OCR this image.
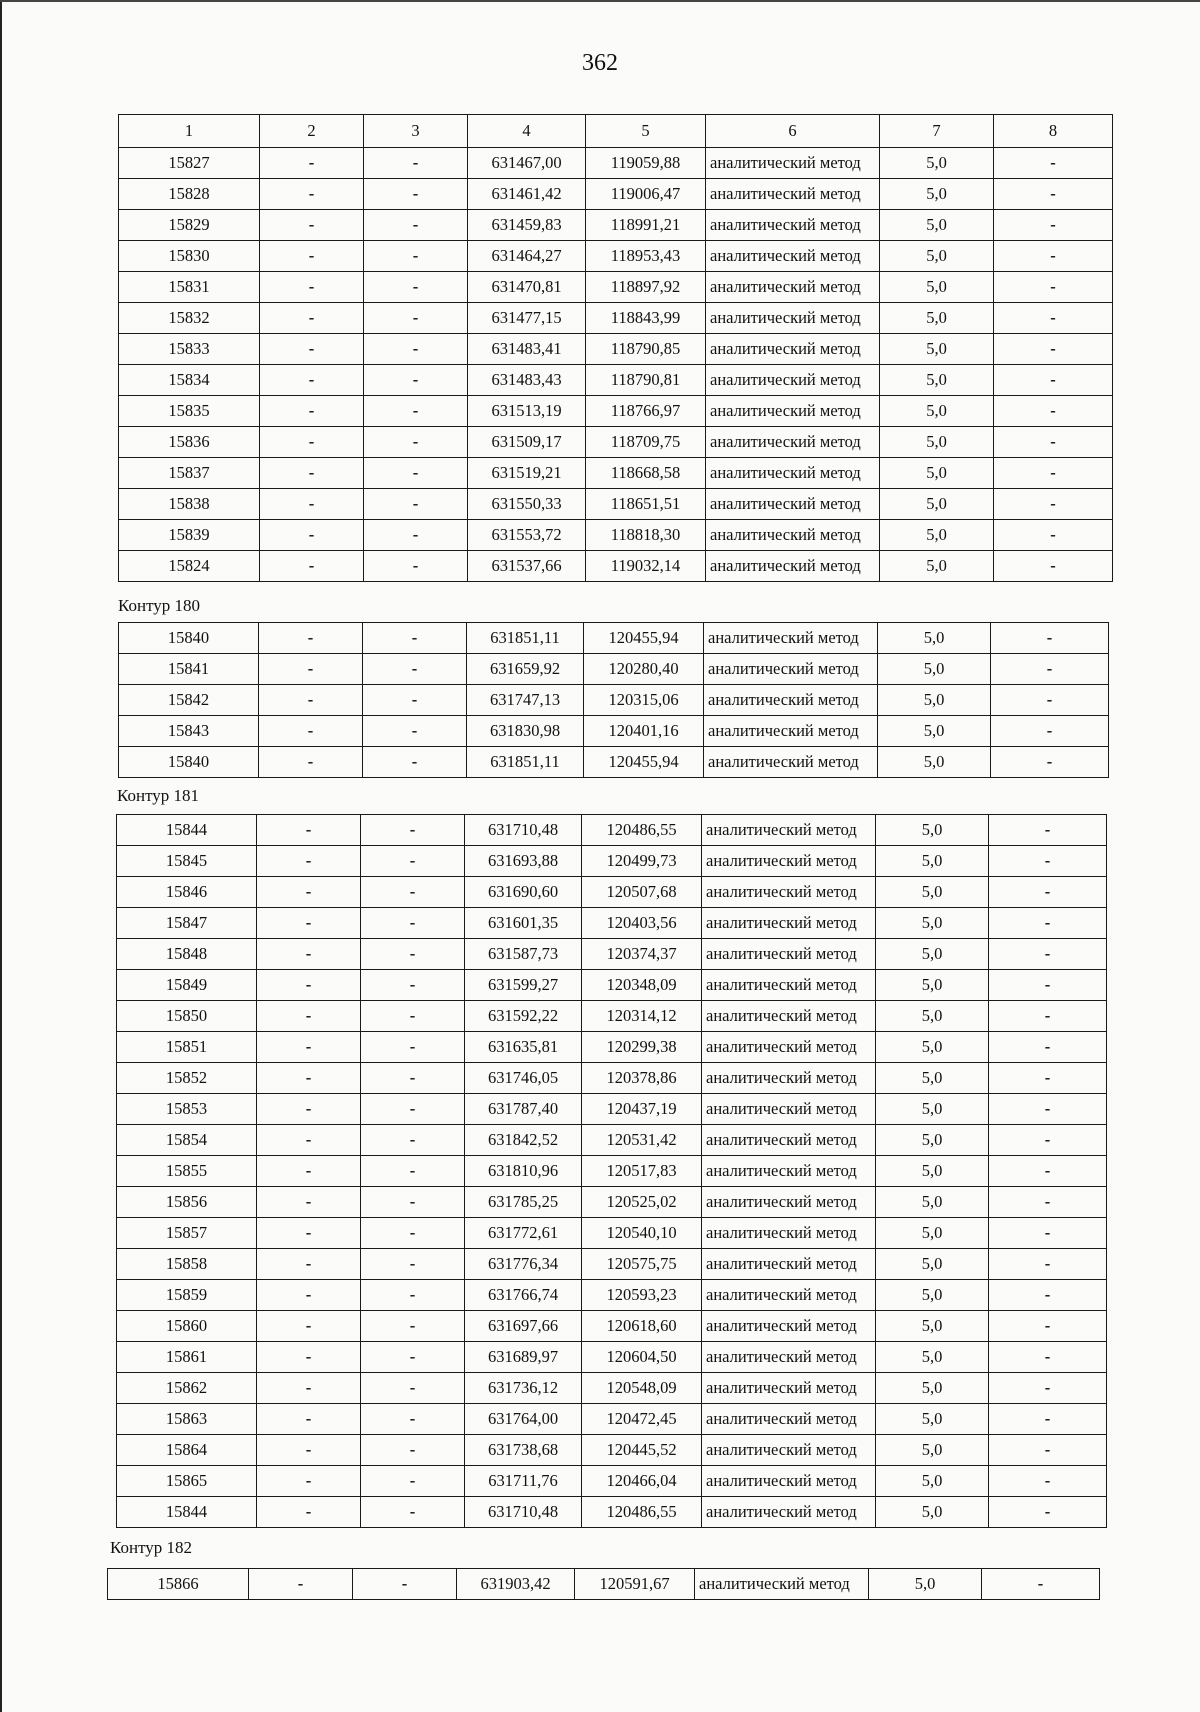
362
1	2	3	4	5	6	7	8
15827	-	-	631467,00	119059,88	аналитический метод	5,0	-
15828	-	-	631461,42	119006,47	аналитический метод	5,0	-
15829	-	-	631459,83	118991,21	аналитический метод	5,0	-
15830	-	-	631464,27	118953,43	аналитический метод	5,0	-
15831	-	-	631470,81	118897,92	аналитический метод	5,0	-
15832	-	-	631477,15	118843,99	аналитический метод	5,0	-
15833	-	-	631483,41	118790,85	аналитический метод	5,0	-
15834	-	-	631483,43	118790,81	аналитический метод	5,0	-
15835	-	-	631513,19	118766,97	аналитический метод	5,0	-
15836	-	-	631509,17	118709,75	аналитический метод	5,0	-
15837	-	-	631519,21	118668,58	аналитический метод	5,0	-
15838	-	-	631550,33	118651,51	аналитический метод	5,0	-
15839	-	-	631553,72	118818,30	аналитический метод	5,0	-
15824	-	-	631537,66	119032,14	аналитический метод	5,0	-
Контур 180
15840	-	-	631851,11	120455,94	аналитический метод	5,0	-
15841	-	-	631659,92	120280,40	аналитический метод	5,0	-
15842	-	-	631747,13	120315,06	аналитический метод	5,0	-
15843	-	-	631830,98	120401,16	аналитический метод	5,0	-
15840	-	-	631851,11	120455,94	аналитический метод	5,0	-
Контур 181
15844	-	-	631710,48	120486,55	аналитический метод	5,0	-
15845	-	-	631693,88	120499,73	аналитический метод	5,0	-
15846	-	-	631690,60	120507,68	аналитический метод	5,0	-
15847	-	-	631601,35	120403,56	аналитический метод	5,0	-
15848	-	-	631587,73	120374,37	аналитический метод	5,0	-
15849	-	-	631599,27	120348,09	аналитический метод	5,0	-
15850	-	-	631592,22	120314,12	аналитический метод	5,0	-
15851	-	-	631635,81	120299,38	аналитический метод	5,0	-
15852	-	-	631746,05	120378,86	аналитический метод	5,0	-
15853	-	-	631787,40	120437,19	аналитический метод	5,0	-
15854	-	-	631842,52	120531,42	аналитический метод	5,0	-
15855	-	-	631810,96	120517,83	аналитический метод	5,0	-
15856	-	-	631785,25	120525,02	аналитический метод	5,0	-
15857	-	-	631772,61	120540,10	аналитический метод	5,0	-
15858	-	-	631776,34	120575,75	аналитический метод	5,0	-
15859	-	-	631766,74	120593,23	аналитический метод	5,0	-
15860	-	-	631697,66	120618,60	аналитический метод	5,0	-
15861	-	-	631689,97	120604,50	аналитический метод	5,0	-
15862	-	-	631736,12	120548,09	аналитический метод	5,0	-
15863	-	-	631764,00	120472,45	аналитический метод	5,0	-
15864	-	-	631738,68	120445,52	аналитический метод	5,0	-
15865	-	-	631711,76	120466,04	аналитический метод	5,0	-
15844	-	-	631710,48	120486,55	аналитический метод	5,0	-
Контур 182
15866	-	-	631903,42	120591,67	аналитический метод	5,0	-
